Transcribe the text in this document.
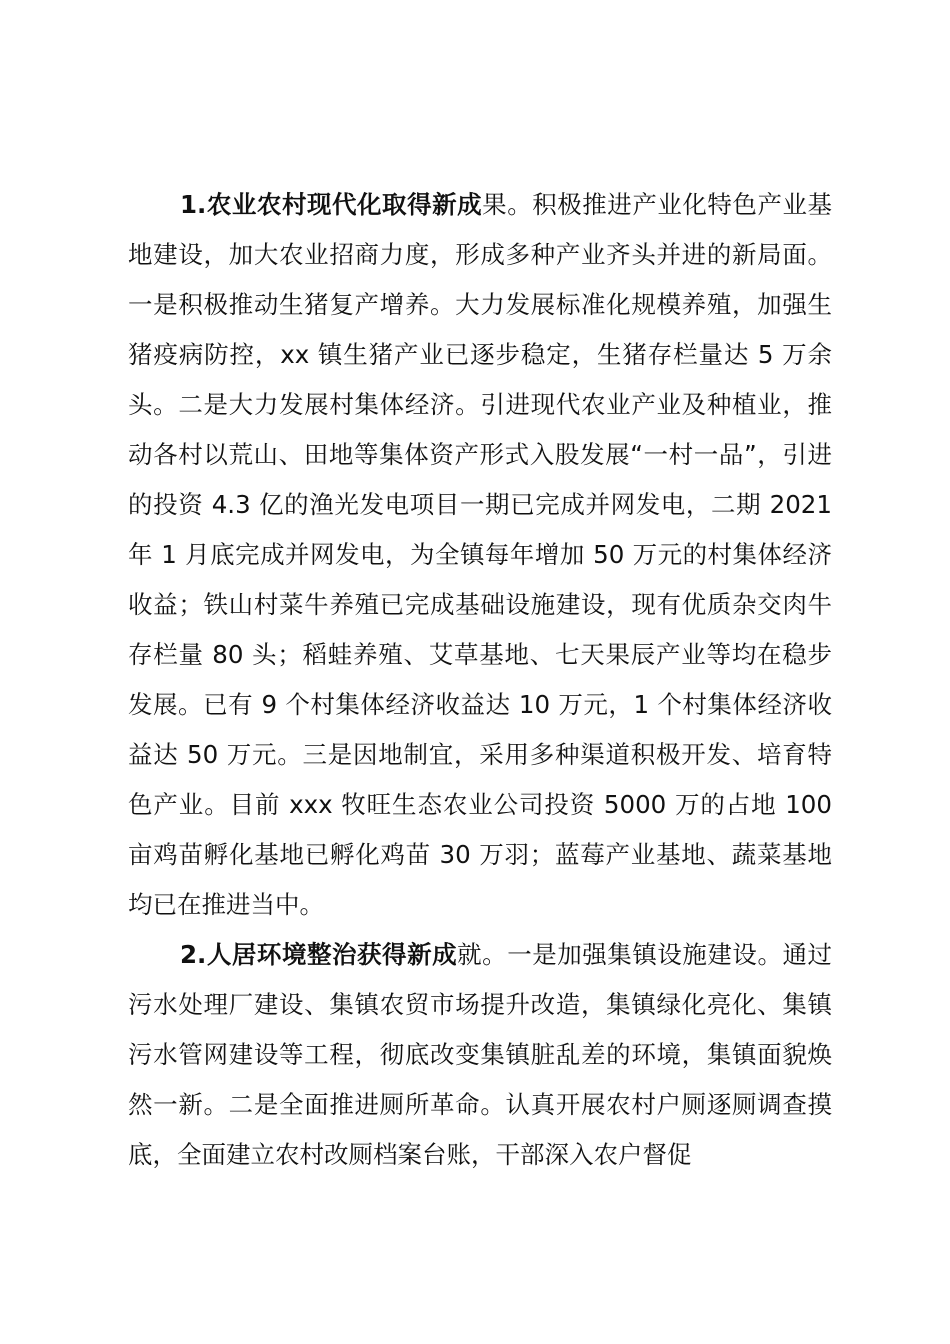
1.农业农村现代化取得新成果。积极推进产业化特色产业基地建设，加大农业招商力度，形成多种产业齐头并进的新局面。一是积极推动生猪复产增养。大力发展标准化规模养殖，加强生猪疫病防控，xx 镇生猪产业已逐步稳定，生猪存栏量达 5 万余头。二是大力发展村集体经济。引进现代农业产业及种植业，推动各村以荒山、田地等集体资产形式入股发展“一村一品”，引进的投资 4.3 亿的渔光发电项目一期已完成并网发电，二期 2021 年 1 月底完成并网发电，为全镇每年增加 50 万元的村集体经济收益；铁山村菜牛养殖已完成基础设施建设，现有优质杂交肉牛存栏量 80 头；稻蛙养殖、艾草基地、七天果辰产业等均在稳步发展。已有 9 个村集体经济收益达 10 万元，1 个村集体经济收益达 50 万元。三是因地制宜，采用多种渠道积极开发、培育特色产业。目前 xxx 牧旺生态农业公司投资 5000 万的占地 100 亩鸡苗孵化基地已孵化鸡苗 30 万羽；蓝莓产业基地、蔬菜基地均已在推进当中。

2.人居环境整治获得新成就。一是加强集镇设施建设。通过污水处理厂建设、集镇农贸市场提升改造，集镇绿化亮化、集镇污水管网建设等工程，彻底改变集镇脏乱差的环境，集镇面貌焕然一新。二是全面推进厕所革命。认真开展农村户厕逐厕调查摸底，全面建立农村改厕档案台账，干部深入农户督促
